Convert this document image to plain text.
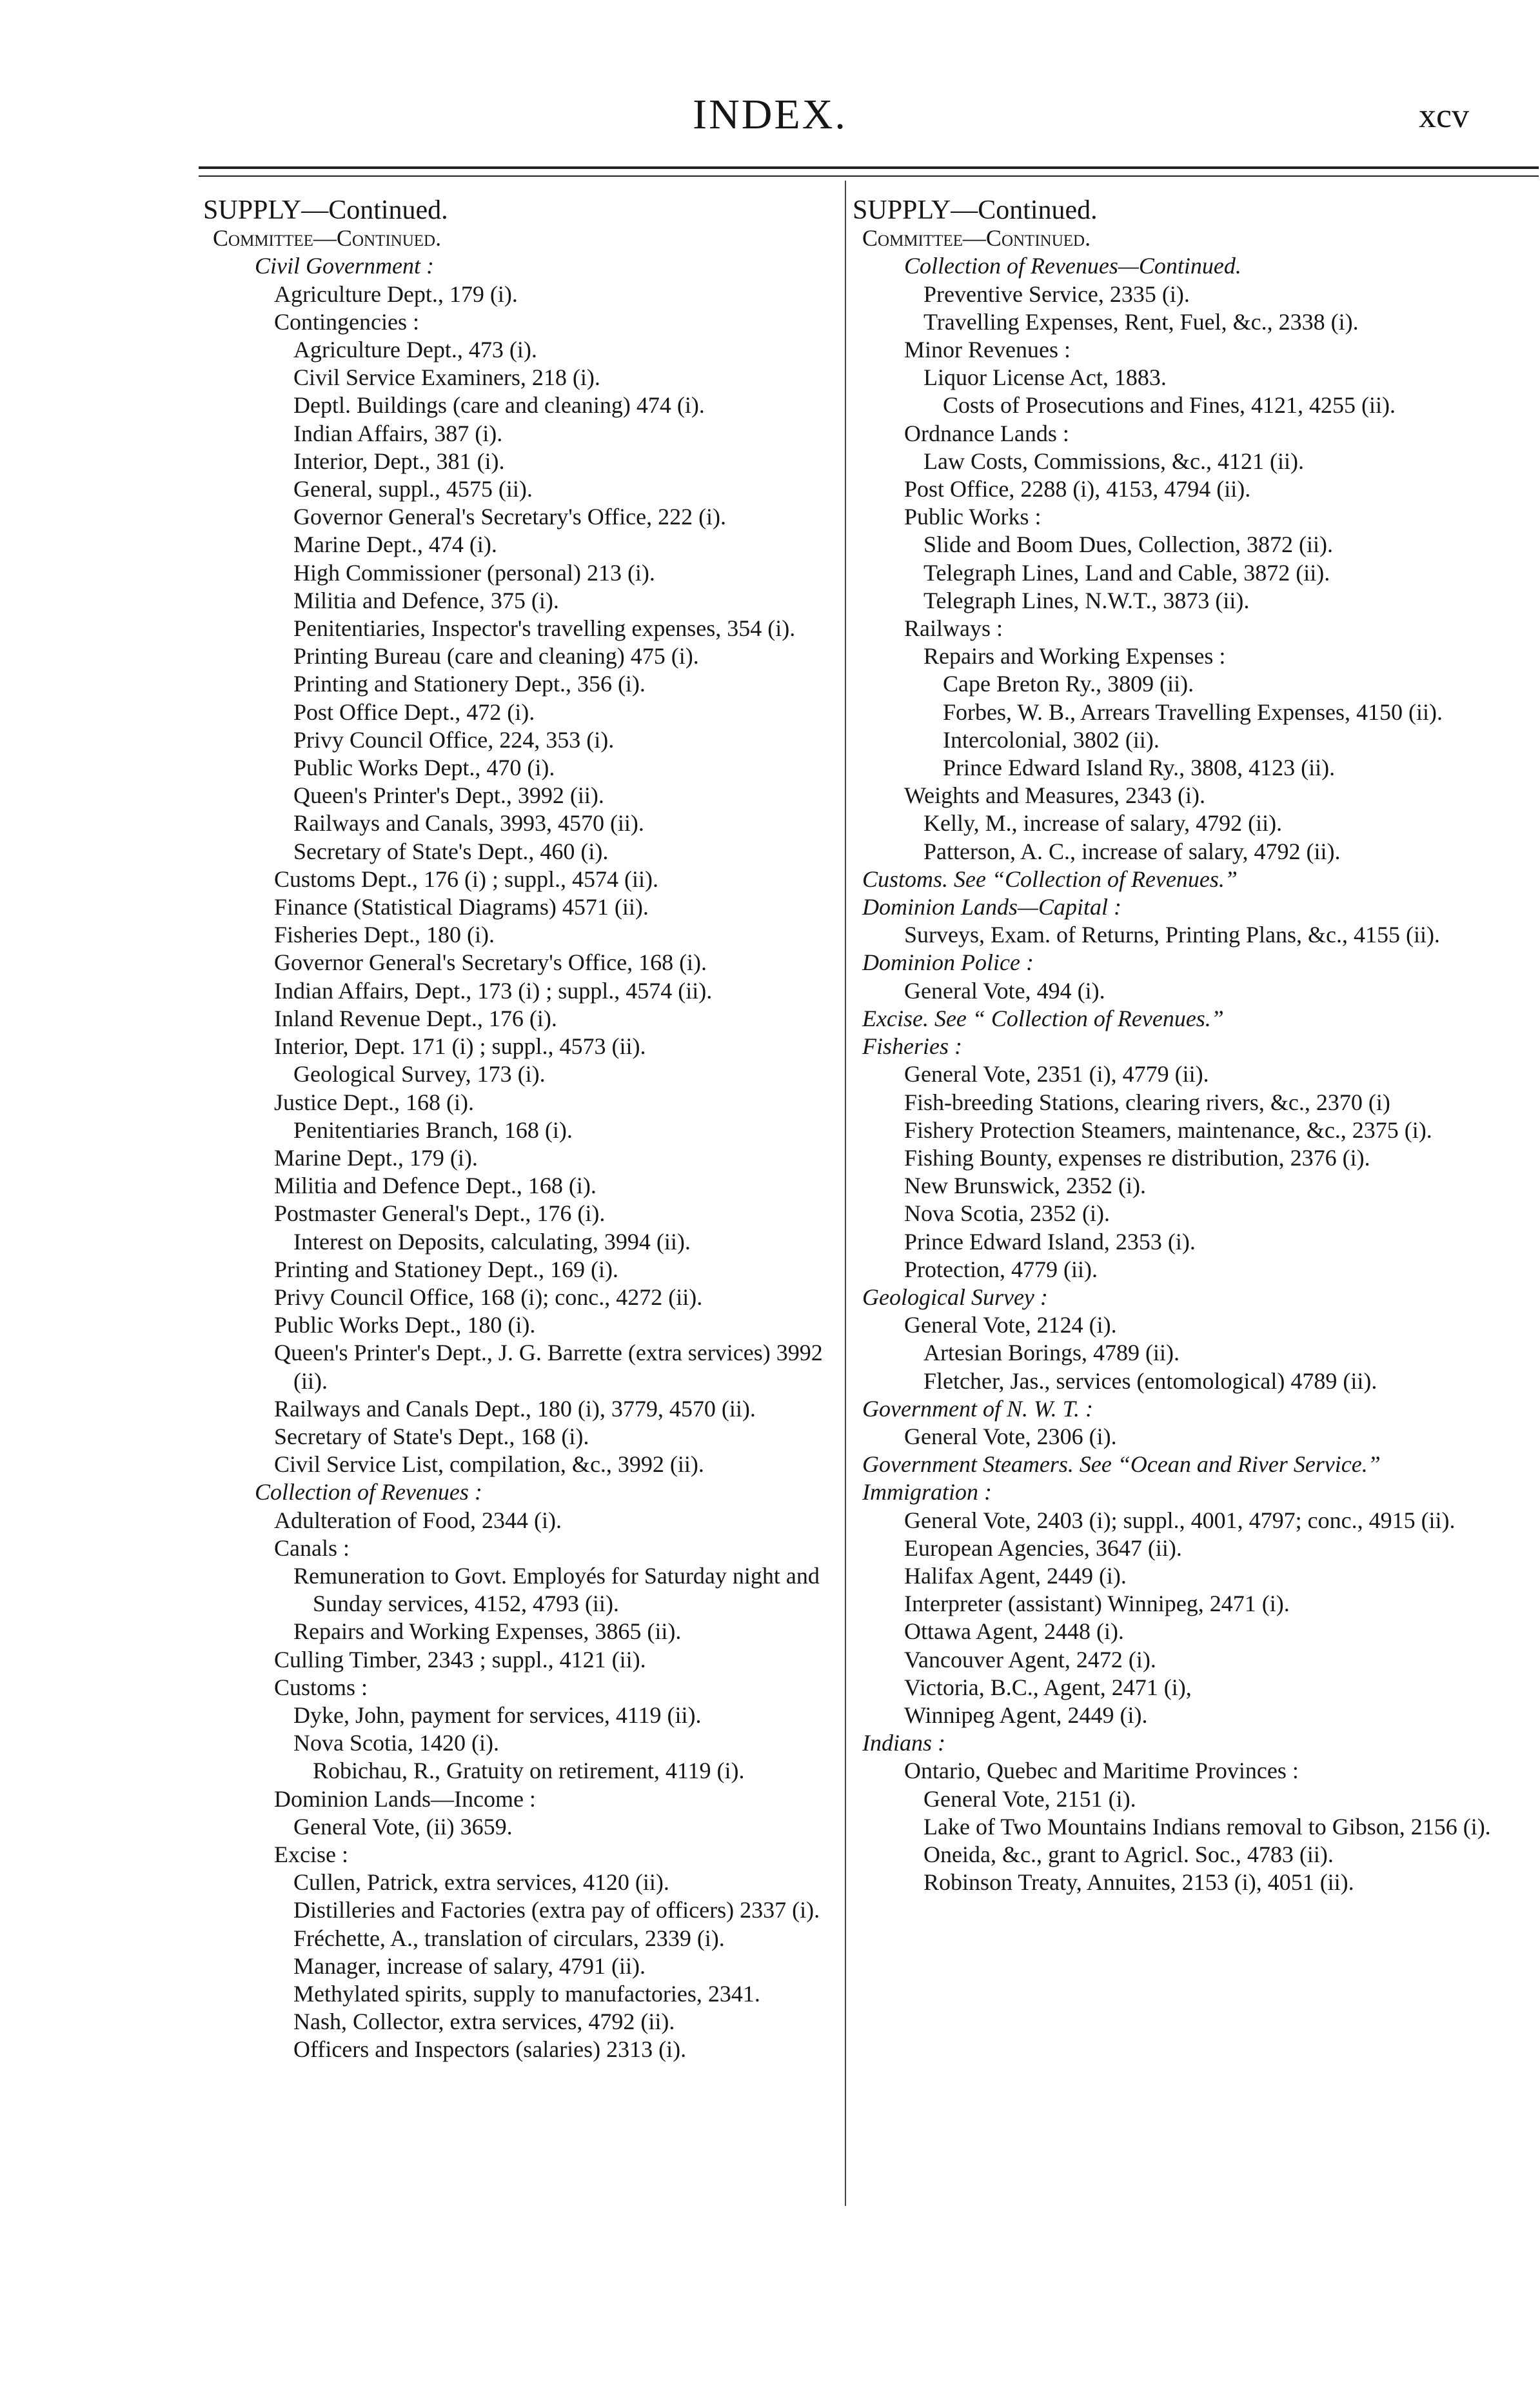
INDEX.	xcv
SUPPLY—Continued.
Committee—Continued.
Civil Government :
Agriculture Dept., 179 (i).
Contingencies :
Agriculture Dept., 473 (i).
Civil Service Examiners, 218 (i).
Deptl. Buildings (care and cleaning) 474 (i).
Indian Affairs, 387 (i).
Interior, Dept., 381 (i).
General, suppl., 4575 (ii).
Governor General's Secretary's Office, 222 (i).
Marine Dept., 474 (i).
High Commissioner (personal) 213 (i).
Militia and Defence, 375 (i).
Penitentiaries, Inspector's travelling expenses, 354 (i).
Printing Bureau (care and cleaning) 475 (i).
Printing and Stationery Dept., 356 (i).
Post Office Dept., 472 (i).
Privy Council Office, 224, 353 (i).
Public Works Dept., 470 (i).
Queen's Printer's Dept., 3992 (ii).
Railways and Canals, 3993, 4570 (ii).
Secretary of State's Dept., 460 (i).
Customs Dept., 176 (i) ; suppl., 4574 (ii).
Finance (Statistical Diagrams) 4571 (ii).
Fisheries Dept., 180 (i).
Governor General's Secretary's Office, 168 (i).
Indian Affairs, Dept., 173 (i) ; suppl., 4574 (ii).
Inland Revenue Dept., 176 (i).
Interior, Dept. 171 (i) ; suppl., 4573 (ii).
Geological Survey, 173 (i).
Justice Dept., 168 (i).
Penitentiaries Branch, 168 (i).
Marine Dept., 179 (i).
Militia and Defence Dept., 168 (i).
Postmaster General's Dept., 176 (i).
Interest on Deposits, calculating, 3994 (ii).
Printing and Stationey Dept., 169 (i).
Privy Council Office, 168 (i); conc., 4272 (ii).
Public Works Dept., 180 (i).
Queen's Printer's Dept., J. G. Barrette (extra services) 3992 (ii).
Railways and Canals Dept., 180 (i), 3779, 4570 (ii).
Secretary of State's Dept., 168 (i).
Civil Service List, compilation, &c., 3992 (ii).
Collection of Revenues :
Adulteration of Food, 2344 (i).
Canals :
Remuneration to Govt. Employés for Saturday night and Sunday services, 4152, 4793 (ii).
Repairs and Working Expenses, 3865 (ii).
Culling Timber, 2343 ; suppl., 4121 (ii).
Customs :
Dyke, John, payment for services, 4119 (ii).
Nova Scotia, 1420 (i).
Robichau, R., Gratuity on retirement, 4119 (i).
Dominion Lands—Income :
General Vote, (ii) 3659.
Excise :
Cullen, Patrick, extra services, 4120 (ii).
Distilleries and Factories (extra pay of officers) 2337 (i).
Fréchette, A., translation of circulars, 2339 (i).
Manager, increase of salary, 4791 (ii).
Methylated spirits, supply to manufactories, 2341.
Nash, Collector, extra services, 4792 (ii).
Officers and Inspectors (salaries) 2313 (i).
SUPPLY—Continued.
Committee—Continued.
Collection of Revenues—Continued.
Preventive Service, 2335 (i).
Travelling Expenses, Rent, Fuel, &c., 2338 (i).
Minor Revenues :
Liquor License Act, 1883.
Costs of Prosecutions and Fines, 4121, 4255 (ii).
Ordnance Lands :
Law Costs, Commissions, &c., 4121 (ii).
Post Office, 2288 (i), 4153, 4794 (ii).
Public Works :
Slide and Boom Dues, Collection, 3872 (ii).
Telegraph Lines, Land and Cable, 3872 (ii).
Telegraph Lines, N.W.T., 3873 (ii).
Railways :
Repairs and Working Expenses :
Cape Breton Ry., 3809 (ii).
Forbes, W. B., Arrears Travelling Expenses, 4150 (ii).
Intercolonial, 3802 (ii).
Prince Edward Island Ry., 3808, 4123 (ii).
Weights and Measures, 2343 (i).
Kelly, M., increase of salary, 4792 (ii).
Patterson, A. C., increase of salary, 4792 (ii).
Customs. See “Collection of Revenues.”
Dominion Lands—Capital :
Surveys, Exam. of Returns, Printing Plans, &c., 4155 (ii).
Dominion Police :
General Vote, 494 (i).
Excise. See “ Collection of Revenues.”
Fisheries :
General Vote, 2351 (i), 4779 (ii).
Fish-breeding Stations, clearing rivers, &c., 2370 (i)
Fishery Protection Steamers, maintenance, &c., 2375 (i).
Fishing Bounty, expenses re distribution, 2376 (i).
New Brunswick, 2352 (i).
Nova Scotia, 2352 (i).
Prince Edward Island, 2353 (i).
Protection, 4779 (ii).
Geological Survey :
General Vote, 2124 (i).
Artesian Borings, 4789 (ii).
Fletcher, Jas., services (entomological) 4789 (ii).
Government of N. W. T. :
General Vote, 2306 (i).
Government Steamers. See “Ocean and River Service.”
Immigration :
General Vote, 2403 (i); suppl., 4001, 4797; conc., 4915 (ii).
European Agencies, 3647 (ii).
Halifax Agent, 2449 (i).
Interpreter (assistant) Winnipeg, 2471 (i).
Ottawa Agent, 2448 (i).
Vancouver Agent, 2472 (i).
Victoria, B.C., Agent, 2471 (i),
Winnipeg Agent, 2449 (i).
Indians :
Ontario, Quebec and Maritime Provinces :
General Vote, 2151 (i).
Lake of Two Mountains Indians removal to Gibson, 2156 (i).
Oneida, &c., grant to Agricl. Soc., 4783 (ii).
Robinson Treaty, Annuites, 2153 (i), 4051 (ii).
